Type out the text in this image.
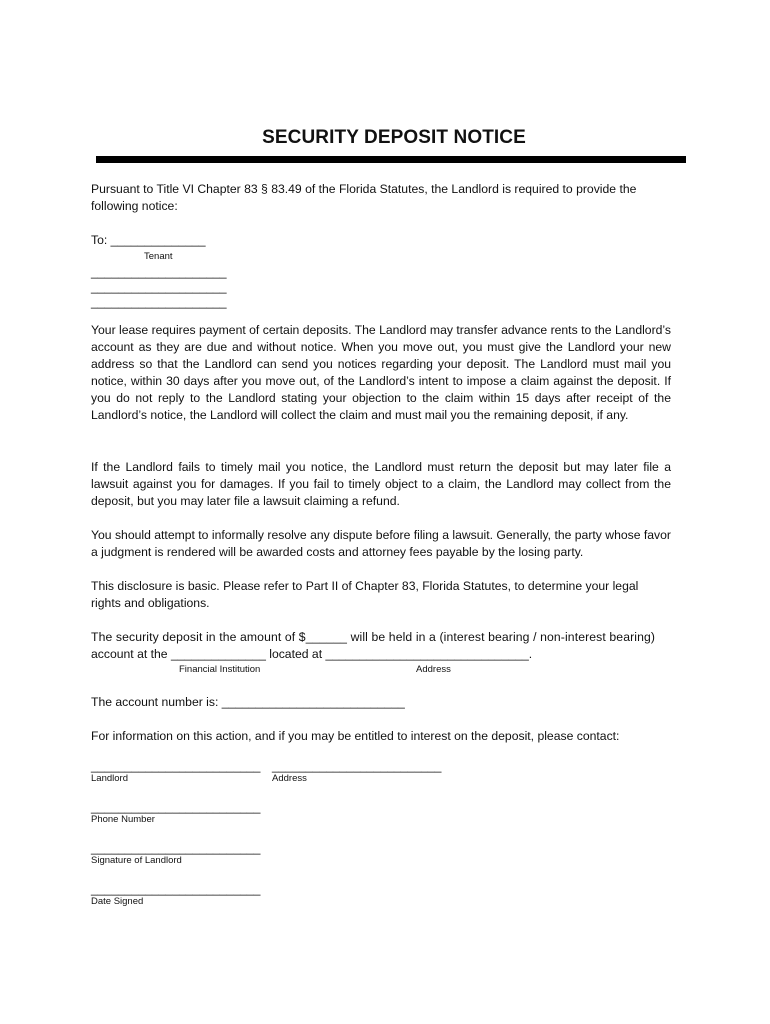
SECURITY DEPOSIT NOTICE
Pursuant to Title VI Chapter 83 § 83.49 of the Florida Statutes, the Landlord is required to provide the following notice:
To: ______________
Tenant
____________________
____________________
____________________
Your lease requires payment of certain deposits. The Landlord may transfer advance rents to the Landlord’s account as they are due and without notice. When you move out, you must give the Landlord your new address so that the Landlord can send you notices regarding your deposit. The Landlord must mail you notice, within 30 days after you move out, of the Landlord’s intent to impose a claim against the deposit. If you do not reply to the Landlord stating your objection to the claim within 15 days after receipt of the Landlord’s notice, the Landlord will collect the claim and must mail you the remaining deposit, if any.
If the Landlord fails to timely mail you notice, the Landlord must return the deposit but may later file a lawsuit against you for damages. If you fail to timely object to a claim, the Landlord may collect from the deposit, but you may later file a lawsuit claiming a refund.
You should attempt to informally resolve any dispute before filing a lawsuit. Generally, the party whose favor a judgment is rendered will be awarded costs and attorney fees payable by the losing party.
This disclosure is basic. Please refer to Part II of Chapter 83, Florida Statutes, to determine your legal rights and obligations.
The security deposit in the amount of $______ will be held in a (interest bearing / non-interest bearing)
account at the ______________ located at ______________________________.
Financial Institution	Address
The account number is: ___________________________
For information on this action, and if you may be entitled to interest on the deposit, please contact:
_________________________ _________________________
Landlord	Address
_________________________
Phone Number
_________________________
Signature of Landlord
_________________________
Date Signed
